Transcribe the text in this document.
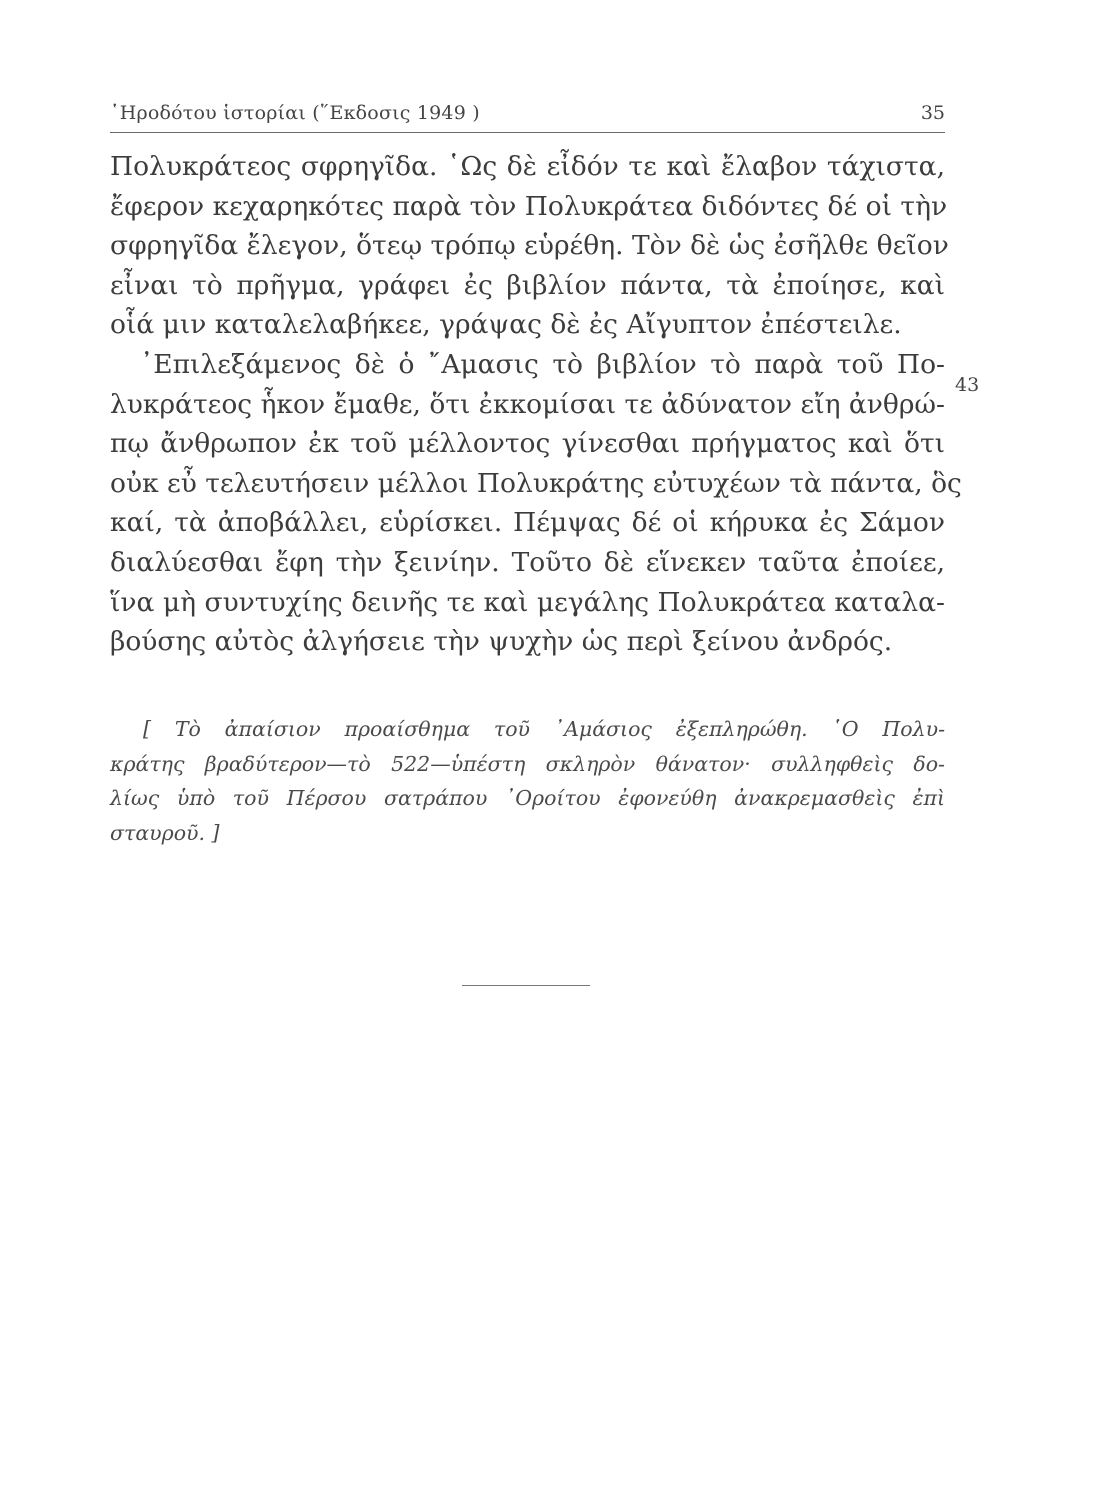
῾Ηροδότου ἱστορίαι (῞Εκδοσις 1949 )	35
Πολυκράτεος σφρηγῖδα. ῾Ως δὲ εἶδόν τε καὶ ἔλαβον τάχιστα,
ἔφερον κεχαρηκότες παρὰ τὸν Πολυκράτεα διδόντες δέ οἱ τὴν
σφρηγῖδα ἔλεγον, ὅτεῳ τρόπῳ εὑρέθη. Τὸν δὲ ὡς ἐσῆλθε θεῖον
εἶναι τὸ πρῆγμα, γράφει ἐς βιβλίον πάντα, τὰ ἐποίησε, καὶ
οἷά μιν καταλελαβήκεε, γράψας δὲ ἐς Αἴγυπτον ἐπέστειλε.
᾿Επιλεξάμενος δὲ ὁ ῎Αμασις τὸ βιβλίον τὸ παρὰ τοῦ Πο-
λυκράτεος ἧκον ἔμαθε, ὅτι ἐκκομίσαι τε ἀδύνατον εἴη ἀνθρώ-
πῳ ἄνθρωπον ἐκ τοῦ μέλλοντος γίνεσθαι πρήγματος καὶ ὅτι
οὐκ εὖ τελευτήσειν μέλλοι Πολυκράτης εὐτυχέων τὰ πάντα, ὃς
καί, τὰ ἀποβάλλει, εὑρίσκει. Πέμψας δέ οἱ κήρυκα ἐς Σάμον
διαλύεσθαι ἔφη τὴν ξεινίην. Τοῦτο δὲ εἵνεκεν ταῦτα ἐποίεε,
ἵνα μὴ συντυχίης δεινῆς τε καὶ μεγάλης Πολυκράτεα καταλα-
βούσης αὐτὸς ἀλγήσειε τὴν ψυχὴν ὡς περὶ ξείνου ἀνδρός.
43
[ Τὸ ἀπαίσιον προαίσθημα τοῦ ᾿Αμάσιος ἐξεπληρώθη. ῾Ο Πολυ-
κράτης βραδύτερον—τὸ 522—ὑπέστη σκληρὸν θάνατον· συλληφθεὶς δο-
λίως ὑπὸ τοῦ Πέρσου σατράπου ᾿Οροίτου ἐφονεύθη ἀνακρεμασθεὶς ἐπὶ
σταυροῦ. ]
